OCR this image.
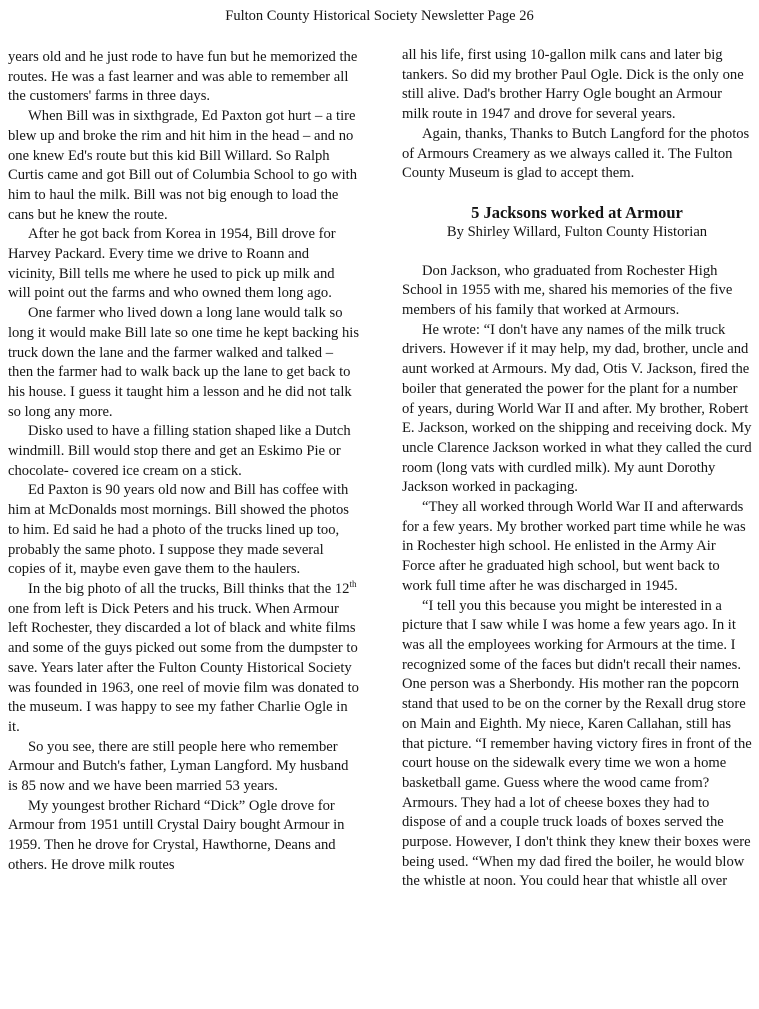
Fulton County Historical Society Newsletter Page 26

years old and he just rode to have fun but he memorized the routes. He was a fast learner and was able to remember all the customers' farms in three days.

When Bill was in sixthgrade, Ed Paxton got hurt – a tire blew up and broke the rim and hit him in the head – and no one knew Ed's route but this kid Bill Willard. So Ralph Curtis came and got Bill out of Columbia School to go with him to haul the milk. Bill was not big enough to load the cans but he knew the route.

After he got back from Korea in 1954, Bill drove for Harvey Packard. Every time we drive to Roann and vicinity, Bill tells me where he used to pick up milk and will point out the farms and who owned them long ago.

One farmer who lived down a long lane would talk so long it would make Bill late so one time he kept backing his truck down the lane and the farmer walked and talked – then the farmer had to walk back up the lane to get back to his house. I guess it taught him a lesson and he did not talk so long any more.

Disko used to have a filling station shaped like a Dutch windmill. Bill would stop there and get an Eskimo Pie or chocolate- covered ice cream on a stick.

Ed Paxton is 90 years old now and Bill has coffee with him at McDonalds most mornings. Bill showed the photos to him. Ed said he had a photo of the trucks lined up too, probably the same photo. I suppose they made several copies of it, maybe even gave them to the haulers.

In the big photo of all the trucks, Bill thinks that the 12th one from left is Dick Peters and his truck. When Armour left Rochester, they discarded a lot of black and white films and some of the guys picked out some from the dumpster to save. Years later after the Fulton County Historical Society was founded in 1963, one reel of movie film was donated to the museum. I was happy to see my father Charlie Ogle in it.

So you see, there are still people here who remember Armour and Butch's father, Lyman Langford. My husband is 85 now and we have been married 53 years.

My youngest brother Richard “Dick” Ogle drove for Armour from 1951 untill Crystal Dairy bought Armour in 1959. Then he drove for Crystal, Hawthorne, Deans and others. He drove milk routes

all his life, first using 10-gallon milk cans and later big tankers. So did my brother Paul Ogle. Dick is the only one still alive. Dad's brother Harry Ogle bought an Armour milk route in 1947 and drove for several years.

Again, thanks, Thanks to Butch Langford for the photos of Armours Creamery as we always called it. The Fulton County Museum is glad to accept them.

5 Jacksons worked at Armour

By Shirley Willard, Fulton County Historian

Don Jackson, who graduated from Rochester High School in 1955 with me, shared his memories of the five members of his family that worked at Armours.

He wrote: “I don't have any names of the milk truck drivers. However if it may help, my dad, brother, uncle and aunt worked at Armours. My dad, Otis V. Jackson, fired the boiler that generated the power for the plant for a number of years, during World War II and after. My brother, Robert E. Jackson, worked on the shipping and receiving dock. My uncle Clarence Jackson worked in what they called the curd room (long vats with curdled milk). My aunt Dorothy Jackson worked in packaging.

“They all worked through World War II and afterwards for a few years. My brother worked part time while he was in Rochester high school. He enlisted in the Army Air Force after he graduated high school, but went back to work full time after he was discharged in 1945.

“I tell you this because you might be interested in a picture that I saw while I was home a few years ago. In it was all the employees working for Armours at the time. I recognized some of the faces but didn't recall their names. One person was a Sherbondy. His mother ran the popcorn stand that used to be on the corner by the Rexall drug store on Main and Eighth. My niece, Karen Callahan, still has that picture. “I remember having victory fires in front of the court house on the sidewalk every time we won a home basketball game. Guess where the wood came from? Armours. They had a lot of cheese boxes they had to dispose of and a couple truck loads of boxes served the purpose. However, I don't think they knew their boxes were being used. “When my dad fired the boiler, he would blow the whistle at noon. You could hear that whistle all over
